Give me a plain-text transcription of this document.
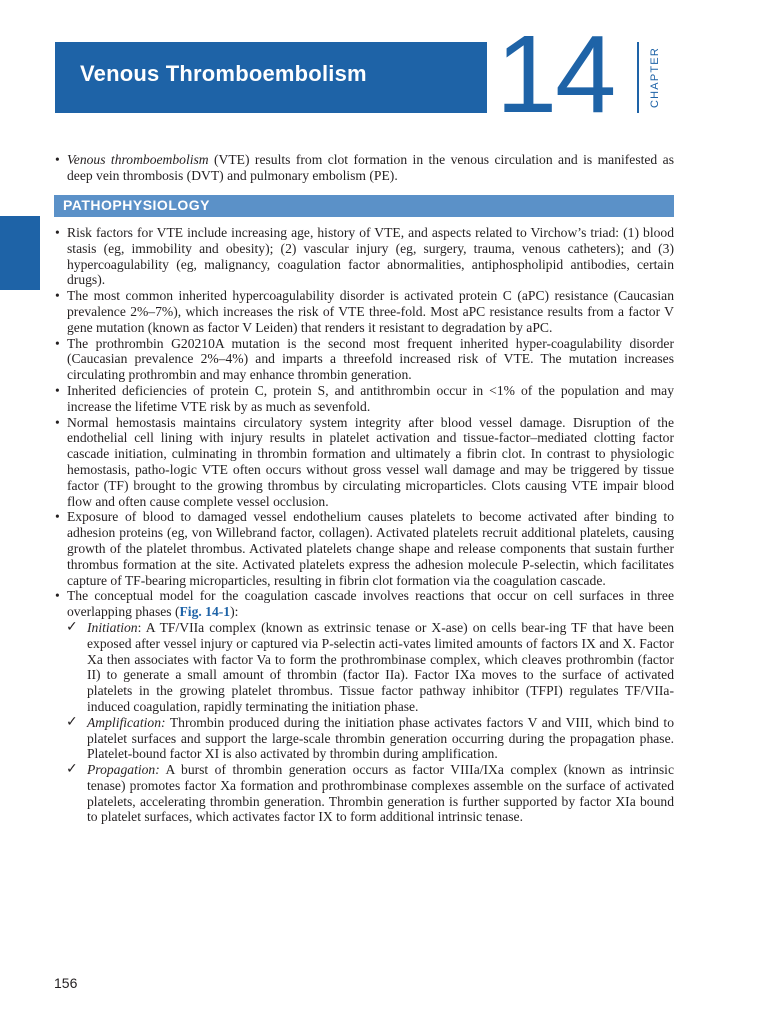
Venous Thromboembolism 14	CHAPTER
• Venous thromboembolism (VTE) results from clot formation in the venous circulation and is manifested as deep vein thrombosis (DVT) and pulmonary embolism (PE).
PATHOPHYSIOLOGY
• Risk factors for VTE include increasing age, history of VTE, and aspects related to Virchow’s triad: (1) blood stasis (eg, immobility and obesity); (2) vascular injury (eg, surgery, trauma, venous catheters); and (3) hypercoagulability (eg, malignancy, coagulation factor abnormalities, antiphospholipid antibodies, certain drugs).
• The most common inherited hypercoagulability disorder is activated protein C (aPC) resistance (Caucasian prevalence 2%–7%), which increases the risk of VTE three-fold. Most aPC resistance results from a factor V gene mutation (known as factor V Leiden) that renders it resistant to degradation by aPC.
• The prothrombin G20210A mutation is the second most frequent inherited hyper-coagulability disorder (Caucasian prevalence 2%–4%) and imparts a threefold increased risk of VTE. The mutation increases circulating prothrombin and may enhance thrombin generation.
• Inherited deficiencies of protein C, protein S, and antithrombin occur in <1% of the population and may increase the lifetime VTE risk by as much as sevenfold.
• Normal hemostasis maintains circulatory system integrity after blood vessel damage. Disruption of the endothelial cell lining with injury results in platelet activation and tissue-factor–mediated clotting factor cascade initiation, culminating in thrombin formation and ultimately a fibrin clot. In contrast to physiologic hemostasis, patho-logic VTE often occurs without gross vessel wall damage and may be triggered by tissue factor (TF) brought to the growing thrombus by circulating microparticles. Clots causing VTE impair blood flow and often cause complete vessel occlusion.
• Exposure of blood to damaged vessel endothelium causes platelets to become activated after binding to adhesion proteins (eg, von Willebrand factor, collagen). Activated platelets recruit additional platelets, causing growth of the platelet thrombus. Activated platelets change shape and release components that sustain further thrombus formation at the site. Activated platelets express the adhesion molecule P-selectin, which facilitates capture of TF-bearing microparticles, resulting in fibrin clot formation via the coagulation cascade.
• The conceptual model for the coagulation cascade involves reactions that occur on cell surfaces in three overlapping phases (Fig. 14-1):
✓ Initiation: A TF/VIIa complex (known as extrinsic tenase or X-ase) on cells bear-ing TF that have been exposed after vessel injury or captured via P-selectin acti-vates limited amounts of factors IX and X. Factor Xa then associates with factor Va to form the prothrombinase complex, which cleaves prothrombin (factor II) to generate a small amount of thrombin (factor IIa). Factor IXa moves to the surface of activated platelets in the growing platelet thrombus. Tissue factor pathway inhibitor (TFPI) regulates TF/VIIa-induced coagulation, rapidly terminating the initiation phase.
✓ Amplification: Thrombin produced during the initiation phase activates factors V and VIII, which bind to platelet surfaces and support the large-scale thrombin generation occurring during the propagation phase. Platelet-bound factor XI is also activated by thrombin during amplification.
✓ Propagation: A burst of thrombin generation occurs as factor VIIIa/IXa complex (known as intrinsic tenase) promotes factor Xa formation and prothrombinase complexes assemble on the surface of activated platelets, accelerating thrombin generation. Thrombin generation is further supported by factor XIa bound to platelet surfaces, which activates factor IX to form additional intrinsic tenase.
156
